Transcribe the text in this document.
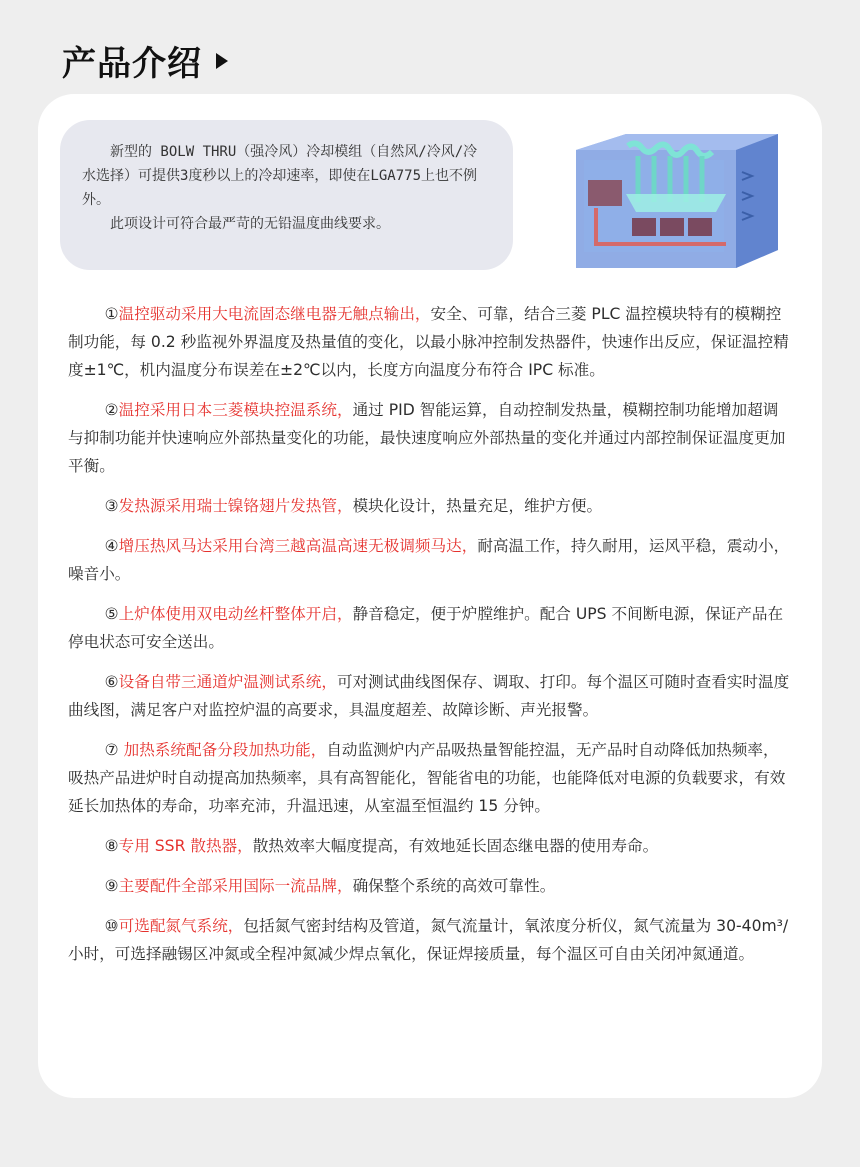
产品介绍

新型的 BOLW THRU（强冷风）冷却模组（自然风/冷风/冷水选择）可提供3度秒以上的冷却速率，即使在LGA775上也不例外。

此项设计可符合最严苛的无铅温度曲线要求。

①温控驱动采用大电流固态继电器无触点输出，安全、可靠，结合三菱 PLC 温控模块特有的模糊控制功能，每 0.2 秒监视外界温度及热量值的变化，以最小脉冲控制发热器件，快速作出反应，保证温控精度±1℃，机内温度分布误差在±2℃以内，长度方向温度分布符合 IPC 标准。

②温控采用日本三菱模块控温系统，通过 PID 智能运算，自动控制发热量，模糊控制功能增加超调与抑制功能并快速响应外部热量变化的功能，最快速度响应外部热量的变化并通过内部控制保证温度更加平衡。

③发热源采用瑞士镍铬翅片发热管，模块化设计，热量充足，维护方便。

④增压热风马达采用台湾三越高温高速无极调频马达，耐高温工作，持久耐用，运风平稳，震动小，噪音小。

⑤上炉体使用双电动丝杆整体开启，静音稳定，便于炉膛维护。配合 UPS 不间断电源，保证产品在停电状态可安全送出。

⑥设备自带三通道炉温测试系统，可对测试曲线图保存、调取、打印。每个温区可随时查看实时温度曲线图，满足客户对监控炉温的高要求，具温度超差、故障诊断、声光报警。

⑦ 加热系统配备分段加热功能，自动监测炉内产品吸热量智能控温，无产品时自动降低加热频率，吸热产品进炉时自动提高加热频率，具有高智能化，智能省电的功能，也能降低对电源的负载要求，有效延长加热体的寿命，功率充沛，升温迅速，从室温至恒温约 15 分钟。

⑧专用 SSR 散热器，散热效率大幅度提高，有效地延长固态继电器的使用寿命。

⑨主要配件全部采用国际一流品牌，确保整个系统的高效可靠性。

⑩可选配氮气系统，包括氮气密封结构及管道，氮气流量计，氧浓度分析仪，氮气流量为 30-40m³/小时，可选择融锡区冲氮或全程冲氮减少焊点氧化，保证焊接质量，每个温区可自由关闭冲氮通道。
